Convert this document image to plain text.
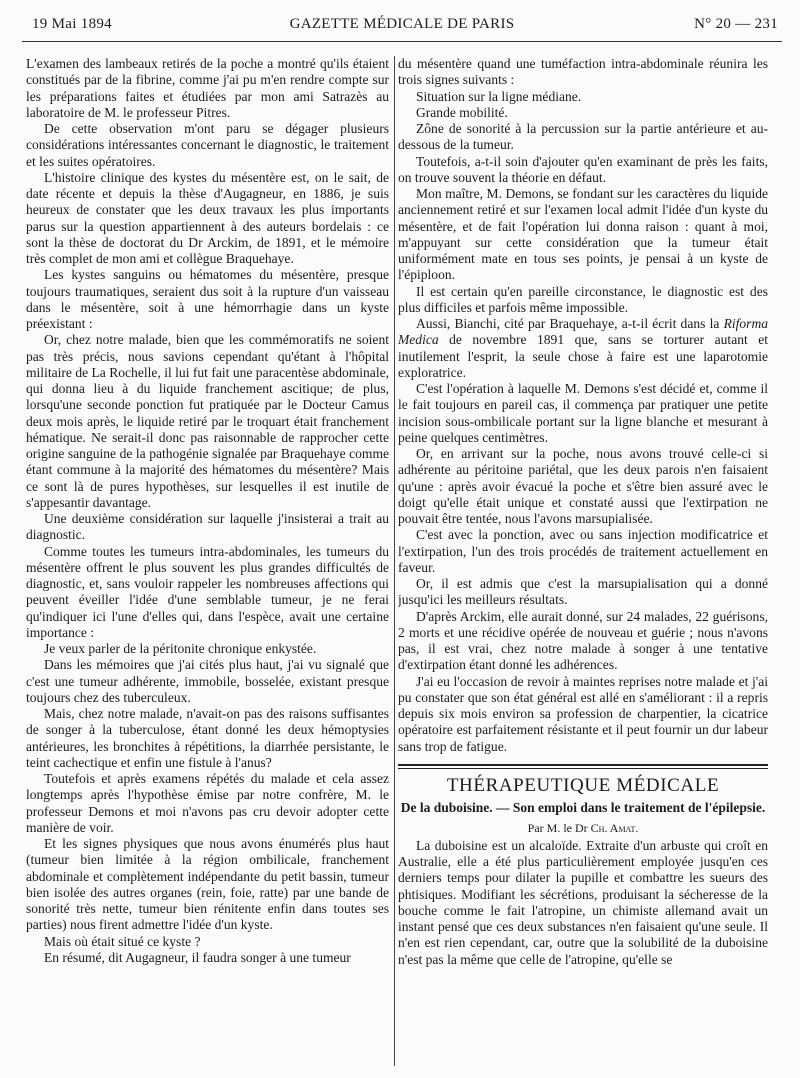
19 Mai 1894	GAZETTE MÉDICALE DE PARIS	N° 20 — 231

L'examen des lambeaux retirés de la poche a montré qu'ils étaient constitués par de la fibrine, comme j'ai pu m'en rendre compte sur les préparations faites et étudiées par mon ami Satrazès au laboratoire de M. le professeur Pitres.

De cette observation m'ont paru se dégager plusieurs considérations intéressantes concernant le diagnostic, le traitement et les suites opératoires.

L'histoire clinique des kystes du mésentère est, on le sait, de date récente et depuis la thèse d'Augagneur, en 1886, je suis heureux de constater que les deux travaux les plus importants parus sur la question appartiennent à des auteurs bordelais : ce sont la thèse de doctorat du Dr Arckim, de 1891, et le mémoire très complet de mon ami et collègue Braquehaye.

Les kystes sanguins ou hématomes du mésentère, presque toujours traumatiques, seraient dus soit à la rupture d'un vaisseau dans le mésentère, soit à une hémorrhagie dans un kyste préexistant :

Or, chez notre malade, bien que les commémoratifs ne soient pas très précis, nous savions cependant qu'étant à l'hôpital militaire de La Rochelle, il lui fut fait une paracentèse abdominale, qui donna lieu à du liquide franchement ascitique; de plus, lorsqu'une seconde ponction fut pratiquée par le Docteur Camus deux mois après, le liquide retiré par le troquart était franchement hématique. Ne serait-il donc pas raisonnable de rapprocher cette origine sanguine de la pathogénie signalée par Braquehaye comme étant commune à la majorité des hématomes du mésentère? Mais ce sont là de pures hypothèses, sur lesquelles il est inutile de s'appesantir davantage.

Une deuxième considération sur laquelle j'insisterai a trait au diagnostic.

Comme toutes les tumeurs intra-abdominales, les tumeurs du mésentère offrent le plus souvent les plus grandes difficultés de diagnostic, et, sans vouloir rappeler les nombreuses affections qui peuvent éveiller l'idée d'une semblable tumeur, je ne ferai qu'indiquer ici l'une d'elles qui, dans l'espèce, avait une certaine importance :

Je veux parler de la péritonite chronique enkystée.

Dans les mémoires que j'ai cités plus haut, j'ai vu signalé que c'est une tumeur adhérente, immobile, bosselée, existant presque toujours chez des tuberculeux.

Mais, chez notre malade, n'avait-on pas des raisons suffisantes de songer à la tuberculose, étant donné les deux hémoptysies antérieures, les bronchites à répétitions, la diarrhée persistante, le teint cachectique et enfin une fistule à l'anus?

Toutefois et après examens répétés du malade et cela assez longtemps après l'hypothèse émise par notre confrère, M. le professeur Demons et moi n'avons pas cru devoir adopter cette manière de voir.

Et les signes physiques que nous avons énumérés plus haut (tumeur bien limitée à la région ombilicale, franchement abdominale et complètement indépendante du petit bassin, tumeur bien isolée des autres organes (rein, foie, ratte) par une bande de sonorité très nette, tumeur bien rénitente enfin dans toutes ses parties) nous firent admettre l'idée d'un kyste.

Mais où était situé ce kyste ?

En résumé, dit Augagneur, il faudra songer à une tumeur

du mésentère quand une tuméfaction intra-abdominale réunira les trois signes suivants :

Situation sur la ligne médiane.

Grande mobilité.

Zône de sonorité à la percussion sur la partie antérieure et au-dessous de la tumeur.

Toutefois, a-t-il soin d'ajouter qu'en examinant de près les faits, on trouve souvent la théorie en défaut.

Mon maître, M. Demons, se fondant sur les caractères du liquide anciennement retiré et sur l'examen local admit l'idée d'un kyste du mésentère, et de fait l'opération lui donna raison : quant à moi, m'appuyant sur cette considération que la tumeur était uniformément mate en tous ses points, je pensai à un kyste de l'épiploon.

Il est certain qu'en pareille circonstance, le diagnostic est des plus difficiles et parfois même impossible.

Aussi, Bianchi, cité par Braquehaye, a-t-il écrit dans la Riforma Medica de novembre 1891 que, sans se torturer autant et inutilement l'esprit, la seule chose à faire est une laparotomie exploratrice.

C'est l'opération à laquelle M. Demons s'est décidé et, comme il le fait toujours en pareil cas, il commença par pratiquer une petite incision sous-ombilicale portant sur la ligne blanche et mesurant à peine quelques centimètres.

Or, en arrivant sur la poche, nous avons trouvé celle-ci si adhérente au péritoine pariétal, que les deux parois n'en faisaient qu'une : après avoir évacué la poche et s'être bien assuré avec le doigt qu'elle était unique et constaté aussi que l'extirpation ne pouvait être tentée, nous l'avons marsupialisée.

C'est avec la ponction, avec ou sans injection modificatrice et l'extirpation, l'un des trois procédés de traitement actuellement en faveur.

Or, il est admis que c'est la marsupialisation qui a donné jusqu'ici les meilleurs résultats.

D'après Arckim, elle aurait donné, sur 24 malades, 22 guérisons, 2 morts et une récidive opérée de nouveau et guérie ; nous n'avons pas, il est vrai, chez notre malade à songer à une tentative d'extirpation étant donné les adhérences.

J'ai eu l'occasion de revoir à maintes reprises notre malade et j'ai pu constater que son état général est allé en s'améliorant : il a repris depuis six mois environ sa profession de charpentier, la cicatrice opératoire est parfaitement résistante et il peut fournir un dur labeur sans trop de fatigue.

THÉRAPEUTIQUE MÉDICALE
De la duboisine. — Son emploi dans le traitement de l'épilepsie.
Par M. le Dr Ch. Amat.

La duboisine est un alcaloïde. Extraite d'un arbuste qui croît en Australie, elle a été plus particulièrement employée jusqu'en ces derniers temps pour dilater la pupille et combattre les sueurs des phtisiques. Modifiant les sécrétions, produisant la sécheresse de la bouche comme le fait l'atropine, un chimiste allemand avait un instant pensé que ces deux substances n'en faisaient qu'une seule. Il n'en est rien cependant, car, outre que la solubilité de la duboisine n'est pas la même que celle de l'atropine, qu'elle se
